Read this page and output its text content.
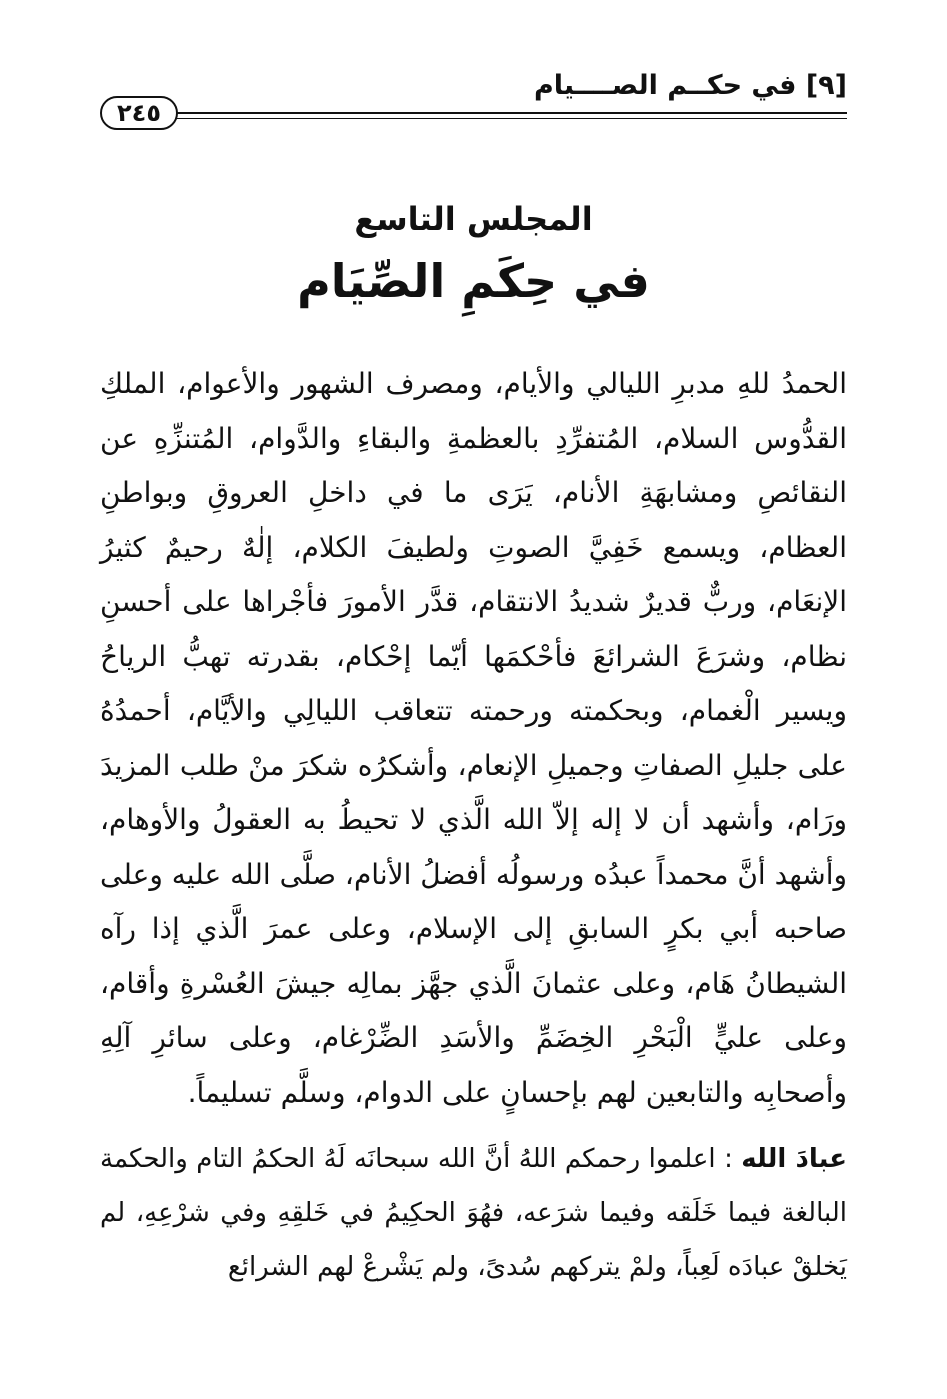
[٩] في حكــم الصــــيام
٢٤٥
المجلس التاسع
في حِكَمِ الصِّيَام
الحمدُ للهِ مدبرِ الليالي والأيام، ومصرف الشهور والأعوام، الملكِ القدُّوس السلام، المُتفرِّدِ بالعظمةِ والبقاءِ والدَّوام، المُتنزِّهِ عن النقائصِ ومشابهَةِ الأنام، يَرَى ما في داخلِ العروقِ وبواطنِ العظام، ويسمع خَفِيَّ الصوتِ ولطيفَ الكلام، إلٰهٌ رحيمٌ كثيرُ الإنعَام، وربٌّ قديرٌ شديدُ الانتقام، قدَّر الأمورَ فأجْراها على أحسنِ نظام، وشرَعَ الشرائعَ فأحْكمَها أيّما إحْكام، بقدرته تهبُّ الرياحُ ويسير الْغمام، وبحكمته ورحمته تتعاقب الليالِي والأيَّام، أحمدُهُ على جليلِ الصفاتِ وجميلِ الإنعام، وأشكرُه شكرَ منْ طلب المزيدَ ورَام، وأشهد أن لا إله إلاّ الله الَّذي لا تحيطُ به العقولُ والأوهام، وأشهد أنَّ محمداً عبدُه ورسولُه أفضلُ الأنام، صلَّى الله عليه وعلى صاحبه أبي بكرٍ السابقِ إلى الإسلام، وعلى عمرَ الَّذي إذا رآه الشيطانُ هَام، وعلى عثمانَ الَّذي جهَّز بمالِه جيشَ العُسْرةِ وأقام، وعلى عليٍّ الْبَحْرِ الخِضَمِّ والأسَدِ الضِّرْغام، وعلى سائرِ آلِهِ وأصحابِه والتابعين لهم بإحسانٍ على الدوام، وسلَّم تسليماً.
عبادَ الله : اعلموا رحمكم اللهُ أنَّ الله سبحانَه لَهُ الحكمُ التام والحكمة البالغة فيما خَلَقه وفيما شرَعه، فهُوَ الحكِيمُ في خَلقِهِ وفي شرْعِهِ، لم يَخلقْ عبادَه لَعِباً، ولمْ يتركهم سُدىً، ولم يَشْرعْ لهم الشرائع
